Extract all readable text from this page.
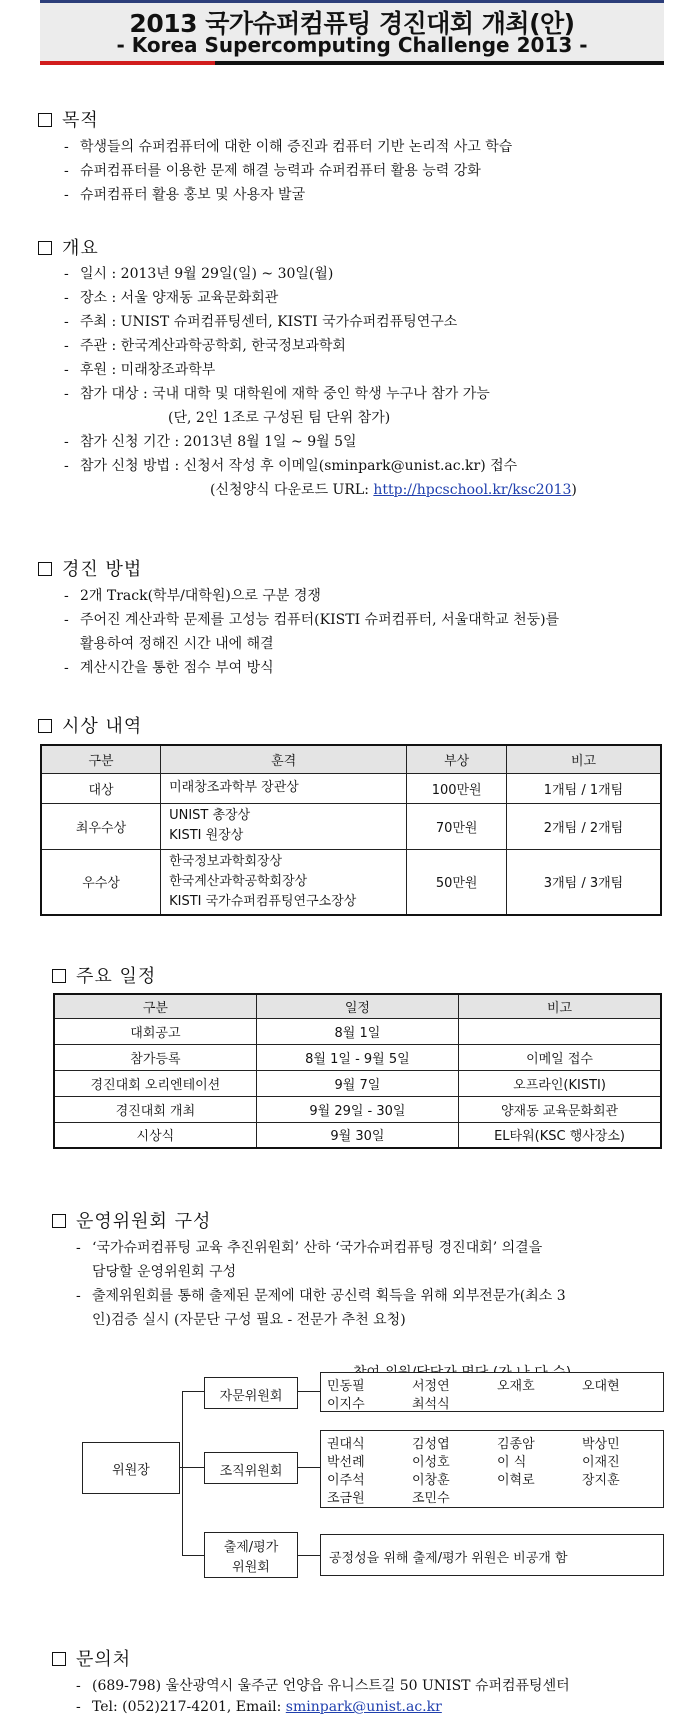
2013 국가슈퍼컴퓨팅 경진대회 개최(안)
- Korea Supercomputing Challenge 2013 -
목적
- 학생들의 슈퍼컴퓨터에 대한 이해 증진과 컴퓨터 기반 논리적 사고 학습
- 슈퍼컴퓨터를 이용한 문제 해결 능력과 슈퍼컴퓨터 활용 능력 강화
- 슈퍼컴퓨터 활용 홍보 및 사용자 발굴
개요
- 일시 : 2013년 9월 29일(일) ~ 30일(월)
- 장소 : 서울 양재동 교육문화회관
- 주최 : UNIST 슈퍼컴퓨팅센터, KISTI 국가슈퍼컴퓨팅연구소
- 주관 : 한국계산과학공학회, 한국정보과학회
- 후원 : 미래창조과학부
- 참가 대상 : 국내 대학 및 대학원에 재학 중인 학생 누구나 참가 가능
(단, 2인 1조로 구성된 팀 단위 참가)
- 참가 신청 기간 : 2013년 8월 1일 ~ 9월 5일
- 참가 신청 방법 : 신청서 작성 후 이메일(sminpark@unist.ac.kr) 접수
(신청양식 다운로드 URL: http://hpcschool.kr/ksc2013)
경진 방법
- 2개 Track(학부/대학원)으로 구분 경쟁
- 주어진 계산과학 문제를 고성능 컴퓨터(KISTI 슈퍼컴퓨터, 서울대학교 천둥)를
활용하여 정해진 시간 내에 해결
- 계산시간을 통한 점수 부여 방식
시상 내역
구분	훈격	부상	비고
대상	미래창조과학부 장관상	100만원	1개팀 / 1개팀
최우수상	UNIST 총장상
KISTI 원장상	70만원	2개팀 / 2개팀
우수상	한국정보과학회장상
한국계산과학공학회장상
KISTI 국가슈퍼컴퓨팅연구소장상	50만원	3개팀 / 3개팀
주요 일정
구분	일정	비고
대회공고	8월 1일	
참가등록	8월 1일 - 9월 5일	이메일 접수
경진대회 오리엔테이션	9월 7일	오프라인(KISTI)
경진대회 개최	9월 29일 - 30일	양재동 교육문화회관
시상식	9월 30일	EL타워(KSC 행사장소)
운영위원회 구성
- ‘국가슈퍼컴퓨팅 교육 추진위원회’ 산하 ‘국가슈퍼컴퓨팅 경진대회’ 의결을
담당할 운영위원회 구성
- 출제위원회를 통해 출제된 문제에 대한 공신력 획득을 위해 외부전문가(최소 3
인)검증 실시 (자문단 구성 필요 - 전문가 추천 요청)
위원장
자문위원회
민동필	서정연	오재호	오대현
이지수	최석식
조직위원회
권대식	김성엽	김종암	박상민
박선례	이성호	이 식	이재진
이주석	이창훈	이혁로	장지훈
조금원	조민수
출제/평가
위원회
공정성을 위해 출제/평가 위원은 비공개 함
문의처
- (689-798) 울산광역시 울주군 언양읍 유니스트길 50 UNIST 슈퍼컴퓨팅센터
- Tel: (052)217-4201, Email: sminpark@unist.ac.kr
